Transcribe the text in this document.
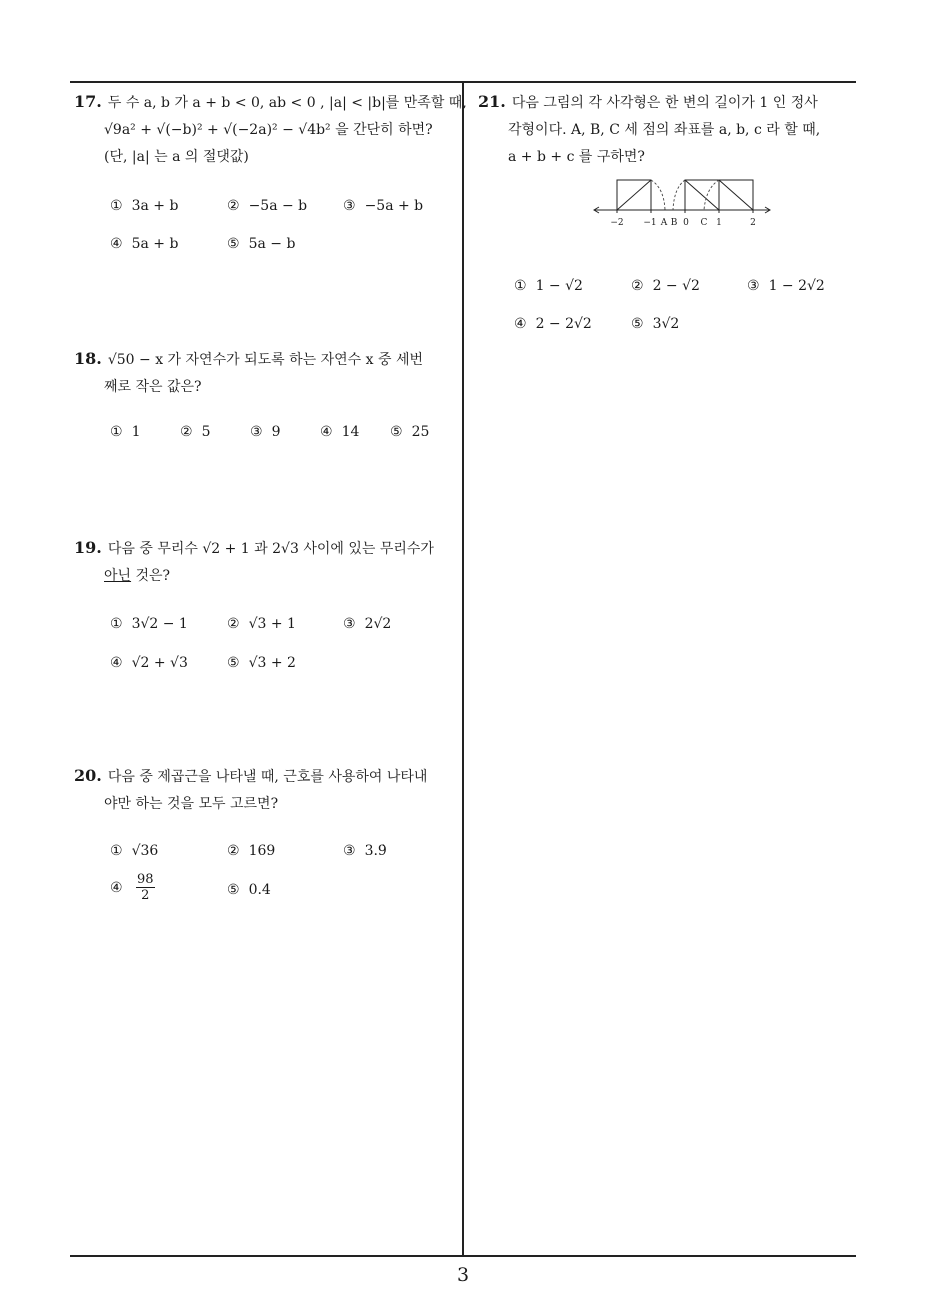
17. 두 수 a, b 가 a + b < 0, ab < 0 , |a| < |b|를 만족할 때,
√9a² + √(−b)² + √(−2a)² − √4b² 을 간단히 하면?
(단, |a| 는 a 의 절댓값)
① 3a + b	② −5a − b	③ −5a + b
④ 5a + b	⑤ 5a − b
18. √50 − x 가 자연수가 되도록 하는 자연수 x 중 세번
째로 작은 값은?
① 1	② 5	③ 9	④ 14 ⑤ 25
19. 다음 중 무리수 √2 + 1 과 2√3 사이에 있는 무리수가
아닌 것은?
① 3√2 − 1	② √3 + 1	③ 2√2
④ √2 + √3	⑤ √3 + 2
20. 다음 중 제곱근을 나타낼 때, 근호를 사용하여 나타내
야만 하는 것을 모두 고르면?
① √36	② 169	③ 3.9̇
④ $\frac{98}{2}$	⑤ 0.4
21. 다음 그림의 각 사각형은 한 변의 길이가 1 인 정사
각형이다. A, B, C 세 점의 좌표를 a, b, c 라 할 때,
a + b + c 를 구하면?
−2 −1 A B 0 C 1	2
① 1 − √2	② 2 − √2	③ 1 − 2√2
④ 2 − 2√2	⑤ 3√2
3
